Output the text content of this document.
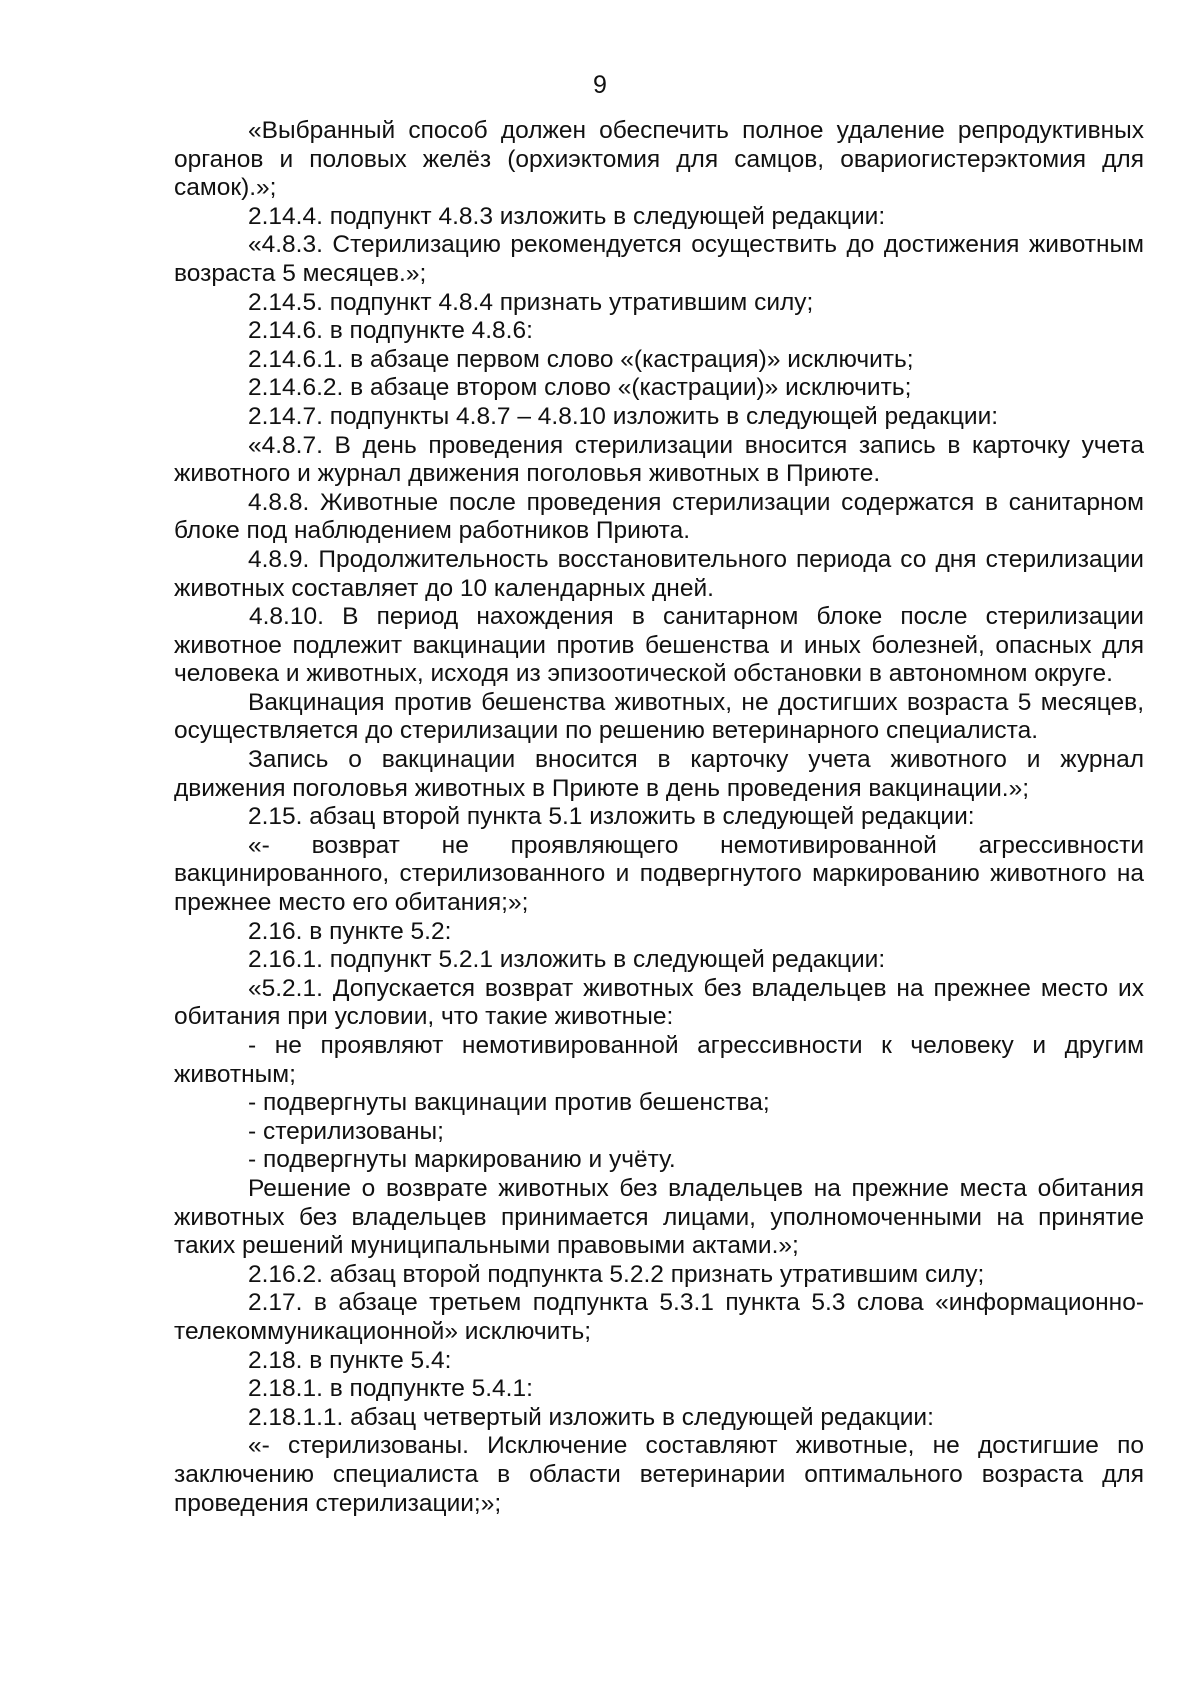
9

«Выбранный способ должен обеспечить полное удаление репродуктивных органов и половых желёз (орхиэктомия для самцов, овариогистерэктомия для самок).»;

2.14.4. подпункт 4.8.3 изложить в следующей редакции:

«4.8.3. Стерилизацию рекомендуется осуществить до достижения животным возраста 5 месяцев.»;

2.14.5. подпункт 4.8.4 признать утратившим силу;

2.14.6. в подпункте 4.8.6:

2.14.6.1. в абзаце первом слово «(кастрация)» исключить;

2.14.6.2. в абзаце втором слово «(кастрации)» исключить;

2.14.7. подпункты 4.8.7 – 4.8.10 изложить в следующей редакции:

«4.8.7. В день проведения стерилизации вносится запись в карточку учета животного и журнал движения поголовья животных в Приюте.

4.8.8. Животные после проведения стерилизации содержатся в санитарном блоке под наблюдением работников Приюта.

4.8.9. Продолжительность восстановительного периода со дня стерилизации животных составляет до 10 календарных дней.

4.8.10. В период нахождения в санитарном блоке после стерилизации животное подлежит вакцинации против бешенства и иных болезней, опасных для человека и животных, исходя из эпизоотической обстановки в автономном округе.

Вакцинация против бешенства животных, не достигших возраста 5 месяцев, осуществляется до стерилизации по решению ветеринарного специалиста.

Запись о вакцинации вносится в карточку учета животного и журнал движения поголовья животных в Приюте в день проведения вакцинации.»;

2.15. абзац второй пункта 5.1 изложить в следующей редакции:

«- возврат не проявляющего немотивированной агрессивности вакцинированного, стерилизованного и подвергнутого маркированию животного на прежнее место его обитания;»;

2.16. в пункте 5.2:

2.16.1. подпункт 5.2.1 изложить в следующей редакции:

«5.2.1. Допускается возврат животных без владельцев на прежнее место их обитания при условии, что такие животные:

- не проявляют немотивированной агрессивности к человеку и другим животным;

- подвергнуты вакцинации против бешенства;

- стерилизованы;

- подвергнуты маркированию и учёту.

Решение о возврате животных без владельцев на прежние места обитания животных без владельцев принимается лицами, уполномоченными на принятие таких решений муниципальными правовыми актами.»;

2.16.2. абзац второй подпункта 5.2.2 признать утратившим силу;

2.17. в абзаце третьем подпункта 5.3.1 пункта 5.3 слова «информационно-телекоммуникационной» исключить;

2.18. в пункте 5.4:

2.18.1. в подпункте 5.4.1:

2.18.1.1. абзац четвертый изложить в следующей редакции:

«- стерилизованы. Исключение составляют животные, не достигшие по заключению специалиста в области ветеринарии оптимального возраста для проведения стерилизации;»;
